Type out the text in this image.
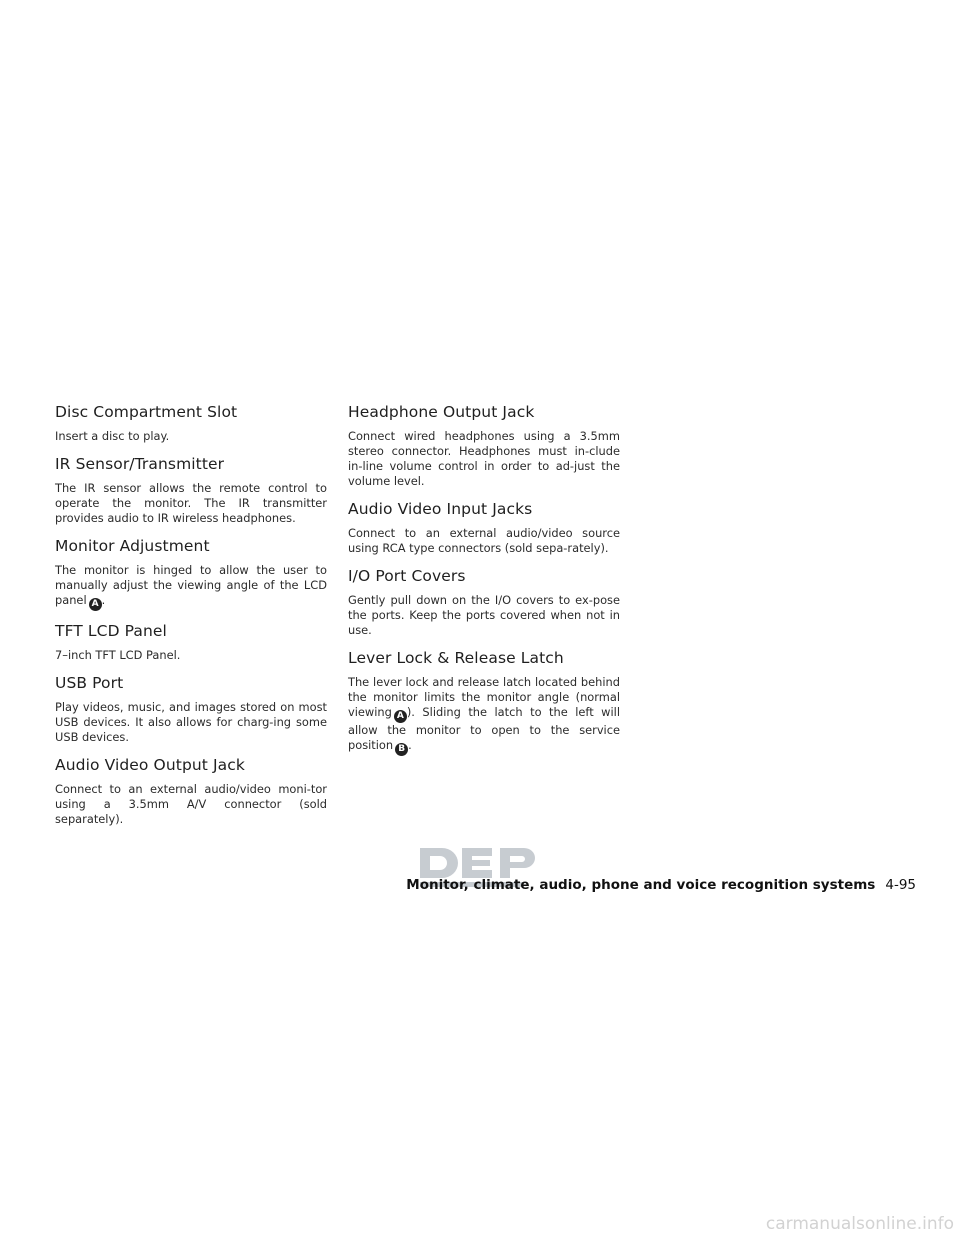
Disc Compartment Slot

Insert a disc to play.

IR Sensor/Transmitter

The IR sensor allows the remote control to operate the monitor. The IR transmitter provides audio to IR wireless headphones.

Monitor Adjustment

The monitor is hinged to allow the user to manually adjust the viewing angle of the LCD panel A .

TFT LCD Panel

7–inch TFT LCD Panel.

USB Port

Play videos, music, and images stored on most USB devices. It also allows for charg-ing some USB devices.

Audio Video Output Jack

Connect to an external audio/video moni-tor using a 3.5mm A/V connector (sold separately).

Headphone Output Jack

Connect wired headphones using a 3.5mm stereo connector. Headphones must in-clude in-line volume control in order to ad-just the volume level.

Audio Video Input Jacks

Connect to an external audio/video source using RCA type connectors (sold sepa-rately).

I/O Port Covers

Gently pull down on the I/O covers to ex-pose the ports. Keep the ports covered when not in use.

Lever Lock & Release Latch

The lever lock and release latch located behind the monitor limits the monitor angle (normal viewing A ). Sliding the latch to the left will allow the monitor to open to the service position B .

Monitor, climate, audio, phone and voice recognition systems 4-95
carmanualsonline.info
